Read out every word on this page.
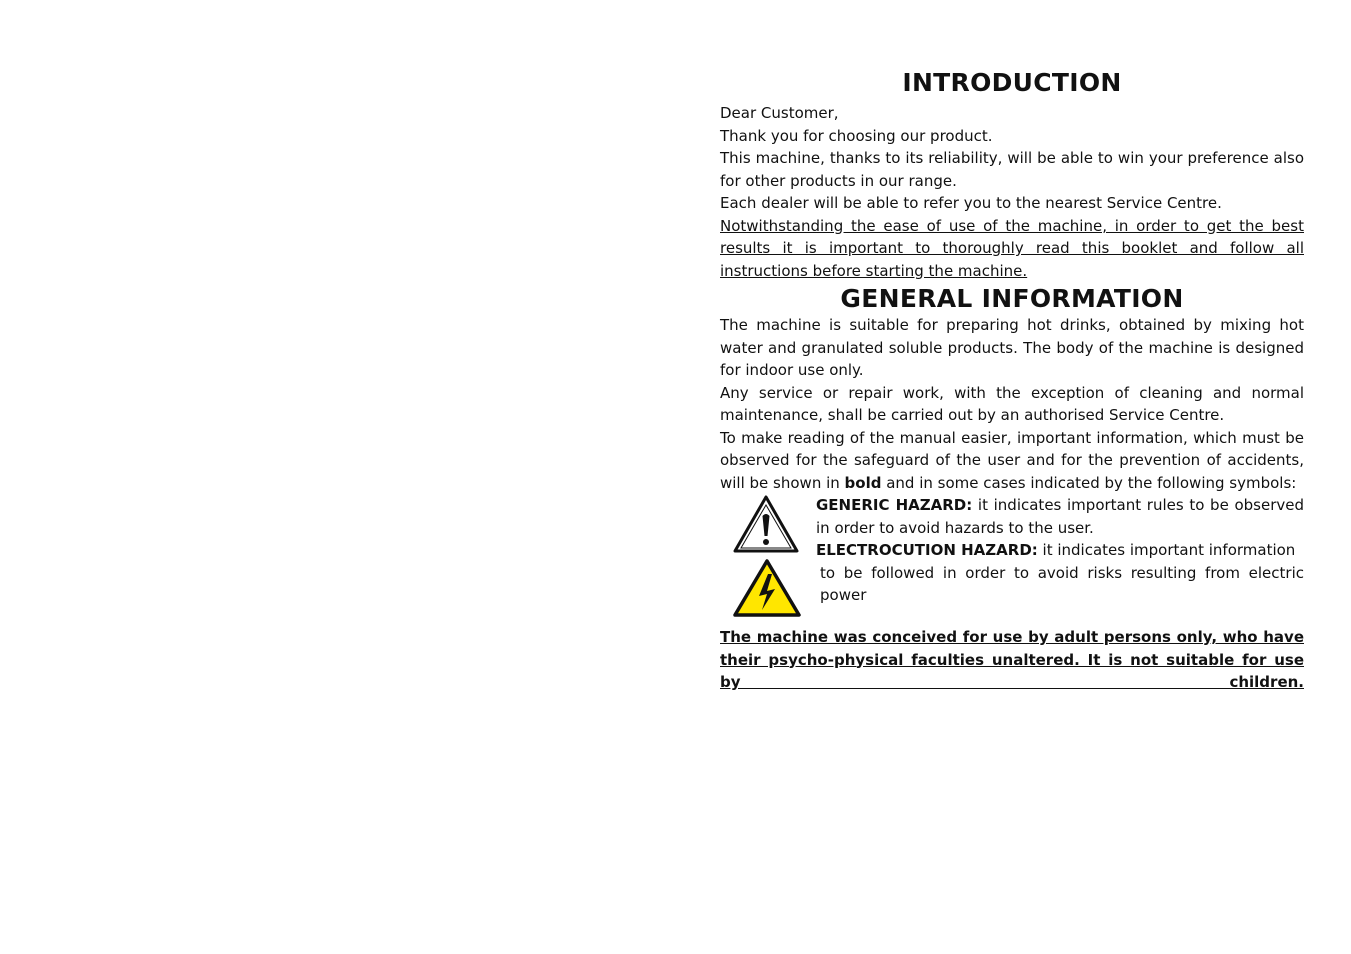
INTRODUCTION

Dear Customer,

Thank you for choosing our product.

This machine, thanks to its reliability, will be able to win your preference also for other products in our range.

Each dealer will be able to refer you to the nearest Service Centre.

Notwithstanding the ease of use of the machine, in order to get the best results it is important to thoroughly read this booklet and follow all instructions before starting the machine.

GENERAL INFORMATION

The machine is suitable for preparing hot drinks, obtained by mixing hot water and granulated soluble products. The body of the machine is designed for indoor use only.

Any service or repair work, with the exception of cleaning and normal maintenance, shall be carried out by an authorised Service Centre.

To make reading of the manual easier, important information, which must be observed for the safeguard of the user and for the prevention of accidents, will be shown in bold and in some cases indicated by the following symbols:

GENERIC HAZARD: it indicates important rules to be observed in order to avoid hazards to the user.
ELECTROCUTION HAZARD: it indicates important information
to be followed in order to avoid risks resulting from electric power

The machine was conceived for use by adult persons only, who have their psycho-physical faculties unaltered. It is not suitable for use by children.
